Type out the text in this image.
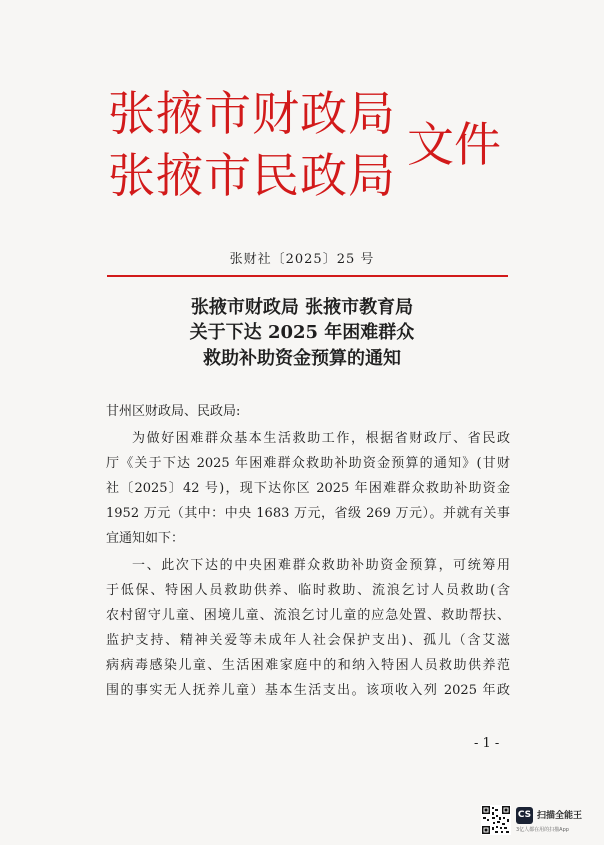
张掖市财政局
张掖市民政局
文件
张财社〔2025〕25 号
张掖市财政局 张掖市教育局
关于下达 2025 年困难群众
救助补助资金预算的通知
甘州区财政局、民政局:
为做好困难群众基本生活救助工作，根据省财政厅、省民政
厅《关于下达 2025 年困难群众救助补助资金预算的通知》(甘财
社〔2025〕42 号)，现下达你区 2025 年困难群众救助补助资金
1952 万元（其中：中央 1683 万元，省级 269 万元）。并就有关事
宜通知如下：
一、此次下达的中央困难群众救助补助资金预算，可统筹用
于低保、特困人员救助供养、临时救助、流浪乞讨人员救助(含
农村留守儿童、困境儿童、流浪乞讨儿童的应急处置、救助帮扶、
监护支持、精神关爱等未成年人社会保护支出)、孤儿（含艾滋
病病毒感染儿童、生活困难家庭中的和纳入特困人员救助供养范
围的事实无人抚养儿童）基本生活支出。该项收入列 2025 年政
- 1 -
CS 扫描全能王
3亿人都在用的扫描App
